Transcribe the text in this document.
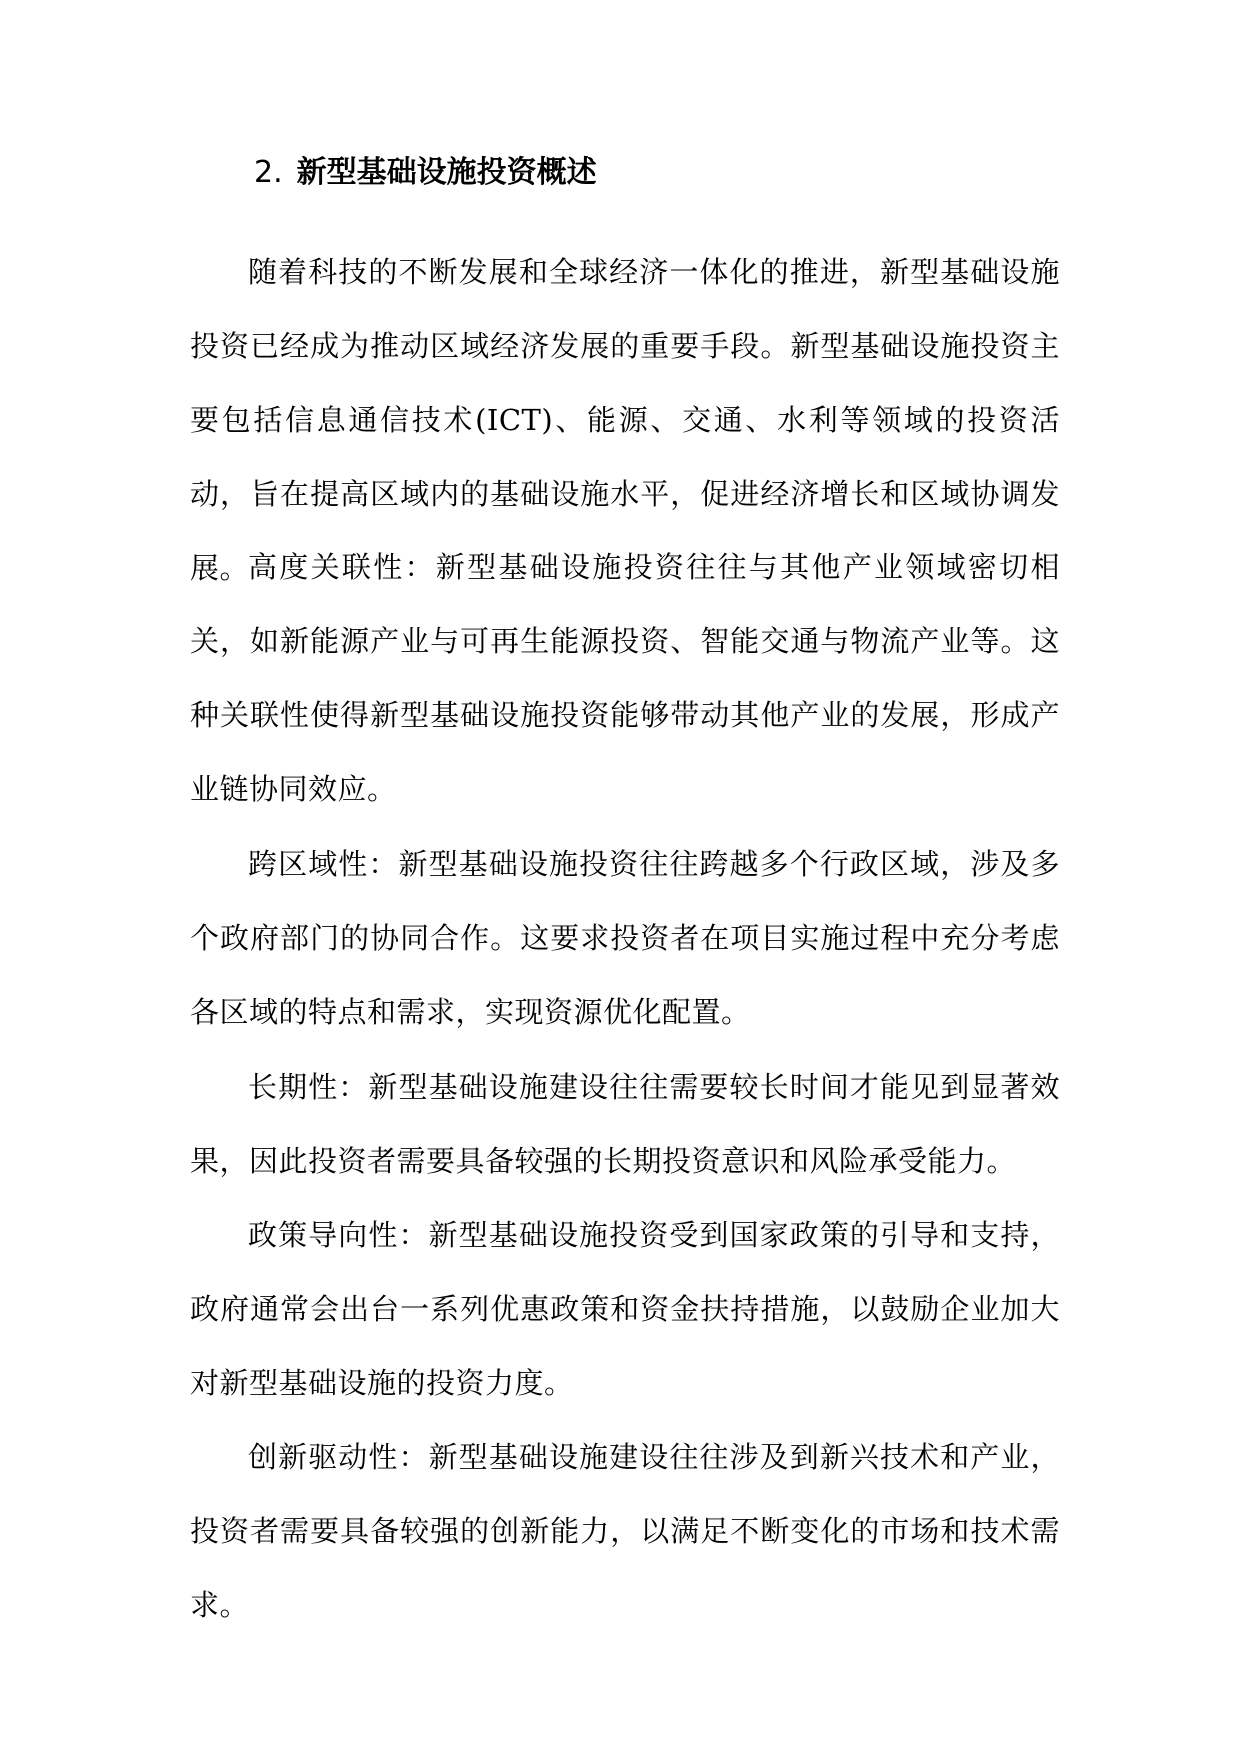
2. 新型基础设施投资概述

随着科技的不断发展和全球经济一体化的推进，新型基础设施投资已经成为推动区域经济发展的重要手段。新型基础设施投资主要包括信息通信技术(ICT)、能源、交通、水利等领域的投资活动，旨在提高区域内的基础设施水平，促进经济增长和区域协调发展。

高度关联性：新型基础设施投资往往与其他产业领域密切相关，如新能源产业与可再生能源投资、智能交通与物流产业等。这种关联性使得新型基础设施投资能够带动其他产业的发展，形成产业链协同效应。

跨区域性：新型基础设施投资往往跨越多个行政区域，涉及多个政府部门的协同合作。这要求投资者在项目实施过程中充分考虑各区域的特点和需求，实现资源优化配置。

长期性：新型基础设施建设往往需要较长时间才能见到显著效果，因此投资者需要具备较强的长期投资意识和风险承受能力。

政策导向性：新型基础设施投资受到国家政策的引导和支持，政府通常会出台一系列优惠政策和资金扶持措施，以鼓励企业加大对新型基础设施的投资力度。

创新驱动性：新型基础设施建设往往涉及到新兴技术和产业，投资者需要具备较强的创新能力，以满足不断变化的市场和技术需求。
